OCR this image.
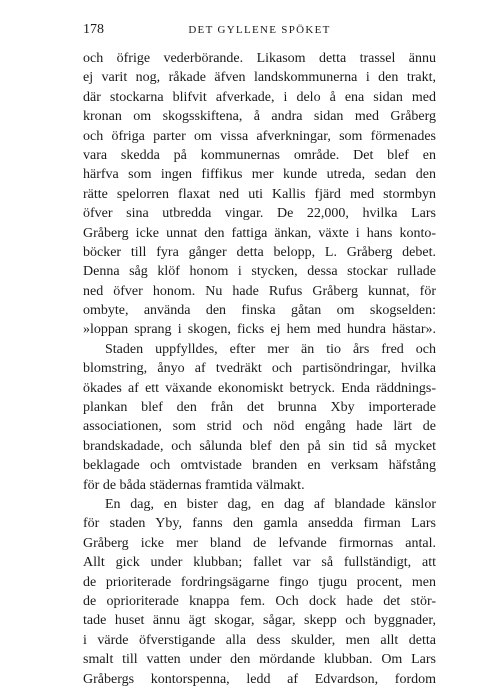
178	DET GYLLENE SPÖKET
och öfrige vederbörande. Likasom detta trassel ännu
ej varit nog, råkade äfven landskommunerna i den trakt,
där stockarna blifvit afverkade, i delo å ena sidan med
kronan om skogsskiftena, å andra sidan med Gråberg
och öfriga parter om vissa afverkningar, som förmenades
vara skedda på kommunernas område. Det blef en
härfva som ingen fiffikus mer kunde utreda, sedan den
rätte spelorren flaxat ned uti Kallis fjärd med stormbyn
öfver sina utbredda vingar. De 22,000, hvilka Lars
Gråberg icke unnat den fattiga änkan, växte i hans konto-
böcker till fyra gånger detta belopp, L. Gråberg debet.
Denna såg klöf honom i stycken, dessa stockar rullade
ned öfver honom. Nu hade Rufus Gråberg kunnat, för
ombyte, använda den finska gåtan om skogselden:
»loppan sprang i skogen, ficks ej hem med hundra hästar».
Staden uppfylldes, efter mer än tio års fred och
blomstring, ånyo af tvedräkt och partisöndringar, hvilka
ökades af ett växande ekonomiskt betryck. Enda räddnings-
plankan blef den från det brunna Xby importerade
associationen, som strid och nöd engång hade lärt de
brandskadade, och sålunda blef den på sin tid så mycket
beklagade och omtvistade branden en verksam häfstång
för de båda städernas framtida välmakt.
En dag, en bister dag, en dag af blandade känslor
för staden Yby, fanns den gamla ansedda firman Lars
Gråberg icke mer bland de lefvande firmornas antal.
Allt gick under klubban; fallet var så fullständigt, att
de prioriterade fordringsägarne fingo tjugu procent, men
de oprioriterade knappa fem. Och dock hade det stör-
tade huset ännu ägt skogar, sågar, skepp och byggnader,
i värde öfverstigande alla dess skulder, men allt detta
smalt till vatten under den mördande klubban. Om Lars
Gråbergs kontorspenna, ledd af Edvardson, fordom
